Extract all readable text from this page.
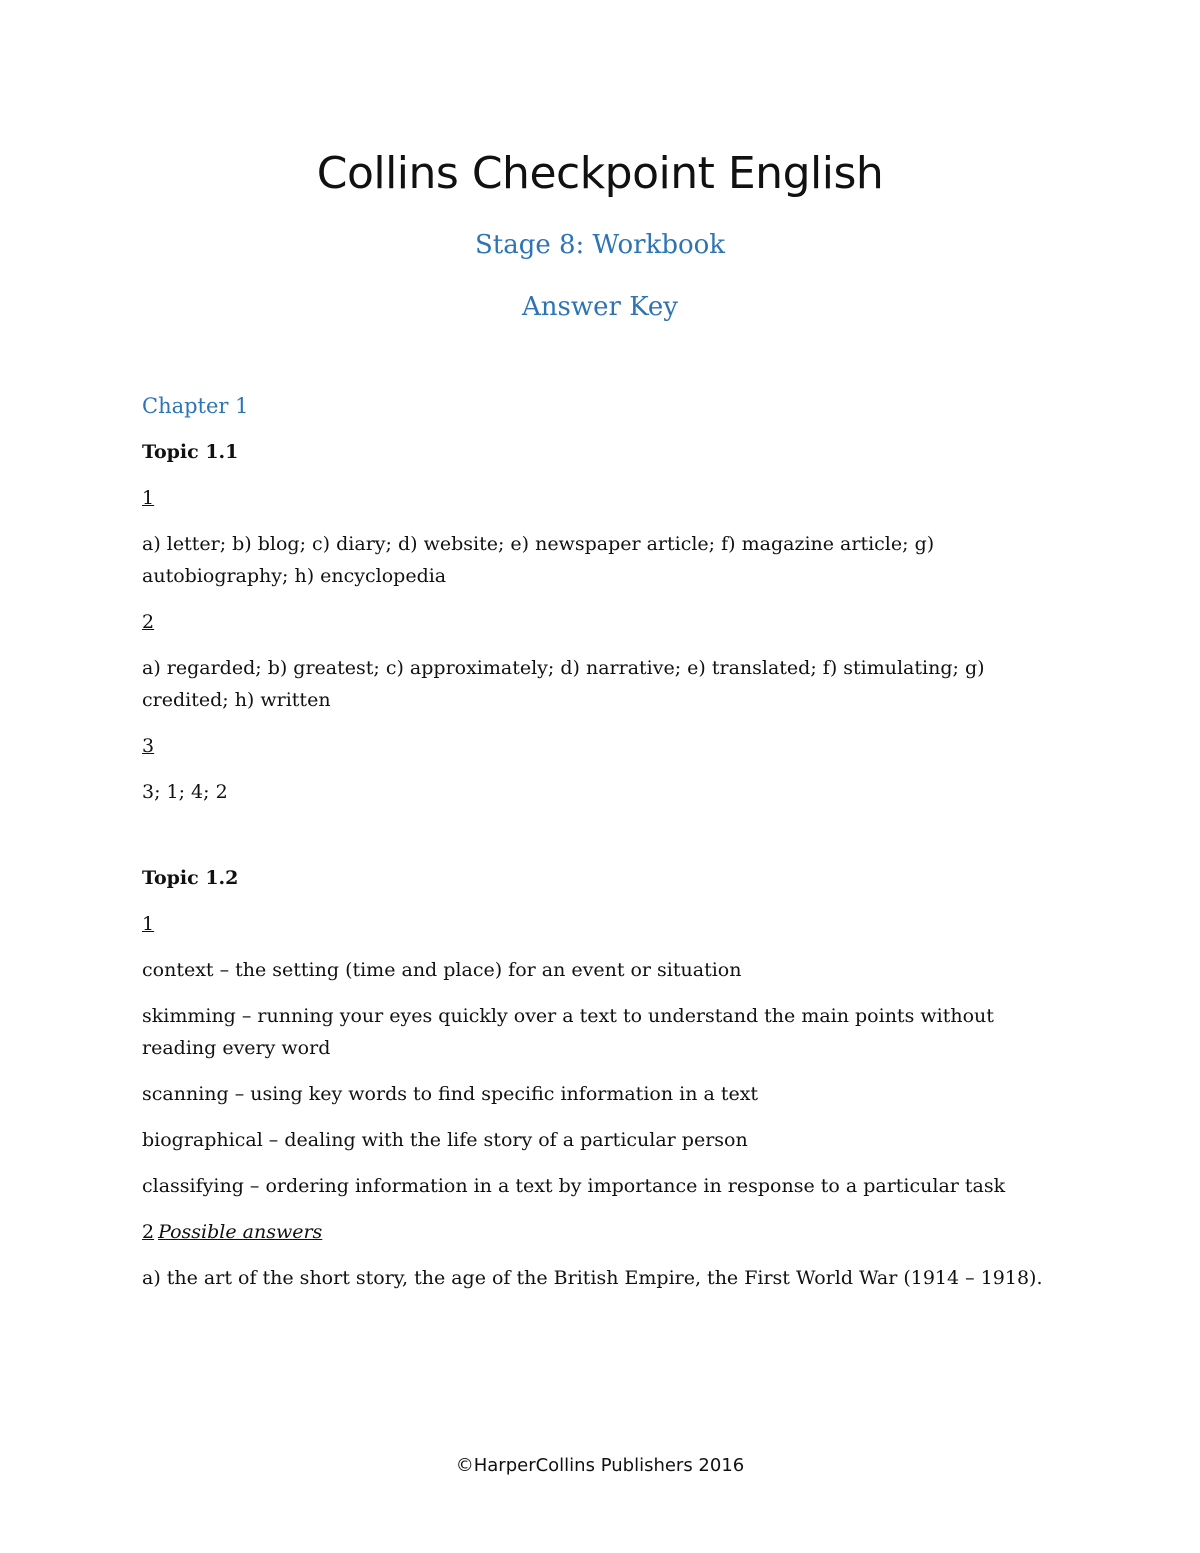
Collins Checkpoint English
Stage 8: Workbook
Answer Key
Chapter 1
Topic 1.1
1
a) letter; b) blog; c) diary; d) website; e) newspaper article; f) magazine article; g) autobiography; h) encyclopedia
2
a) regarded; b) greatest; c) approximately; d) narrative; e) translated; f) stimulating; g) credited; h) written
3
3; 1; 4; 2
Topic 1.2
1
context – the setting (time and place) for an event or situation
skimming – running your eyes quickly over a text to understand the main points without reading every word
scanning – using key words to find specific information in a text
biographical – dealing with the life story of a particular person
classifying – ordering information in a text by importance in response to a particular task
2 Possible answers
a) the art of the short story, the age of the British Empire, the First World War (1914 – 1918).
©HarperCollins Publishers 2016
